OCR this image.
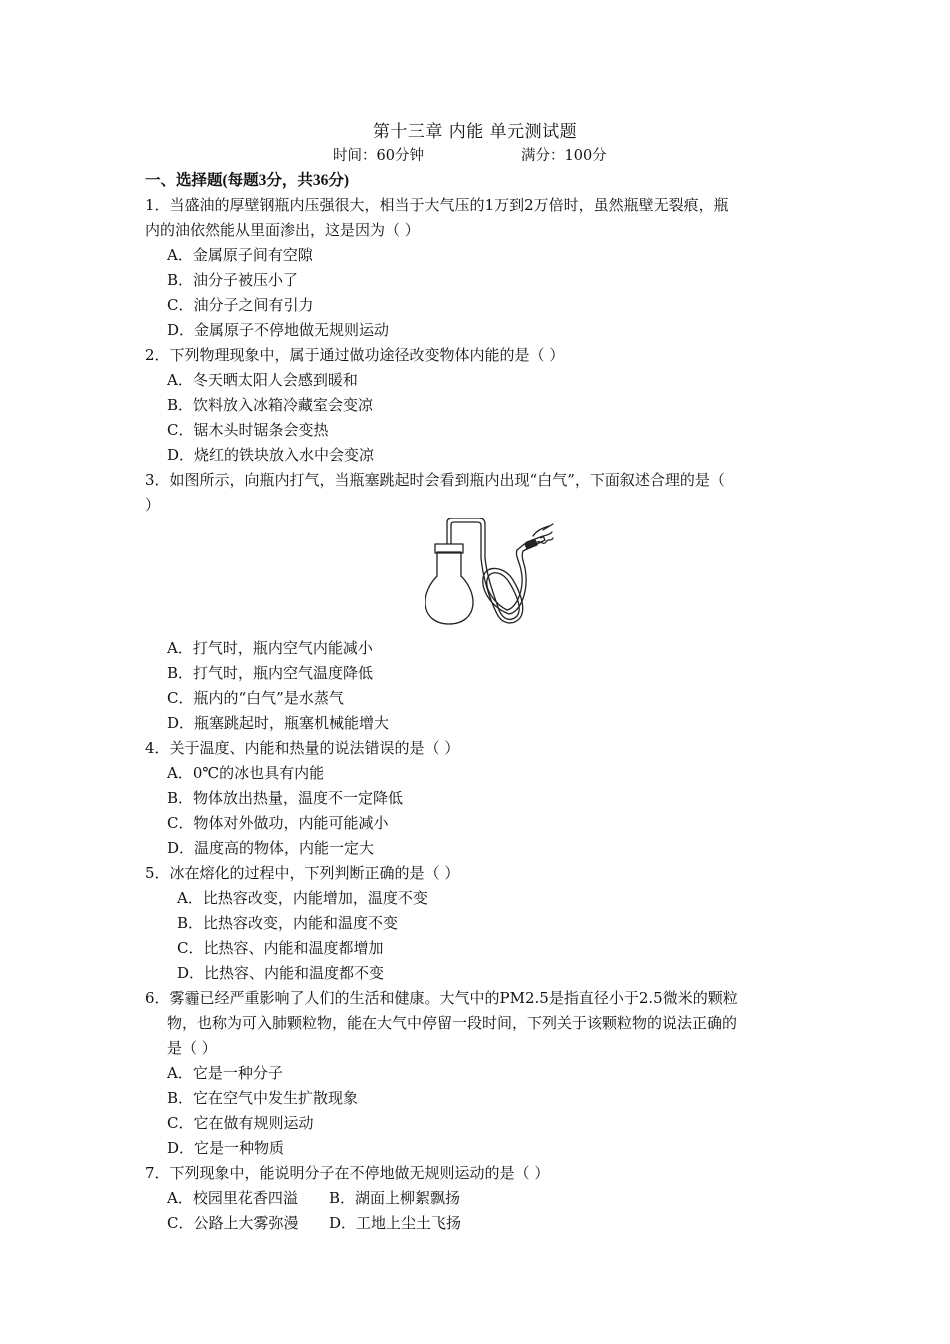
第十三章 内能 单元测试题
时间：60分钟	满分：100分
一、选择题(每题3分，共36分)
1．当盛油的厚壁钢瓶内压强很大，相当于大气压的1万到2万倍时，虽然瓶壁无裂痕，瓶
内的油依然能从里面渗出，这是因为（ ）
A．金属原子间有空隙
B．油分子被压小了
C．油分子之间有引力
D．金属原子不停地做无规则运动
2．下列物理现象中，属于通过做功途径改变物体内能的是（ ）
A．冬天晒太阳人会感到暖和
B．饮料放入冰箱冷藏室会变凉
C．锯木头时锯条会变热
D．烧红的铁块放入水中会变凉
3．如图所示，向瓶内打气，当瓶塞跳起时会看到瓶内出现“白气”，下面叙述合理的是（
）
A．打气时，瓶内空气内能减小
B．打气时，瓶内空气温度降低
C．瓶内的“白气”是水蒸气
D．瓶塞跳起时，瓶塞机械能增大
4．关于温度、内能和热量的说法错误的是（ ）
A．0℃的冰也具有内能
B．物体放出热量，温度不一定降低
C．物体对外做功，内能可能减小
D．温度高的物体，内能一定大
5．冰在熔化的过程中，下列判断正确的是（ ）
A．比热容改变，内能增加，温度不变
B．比热容改变，内能和温度不变
C．比热容、内能和温度都增加
D．比热容、内能和温度都不变
6．雾霾已经严重影响了人们的生活和健康。大气中的PM2.5是指直径小于2.5微米的颗粒
物，也称为可入肺颗粒物，能在大气中停留一段时间，下列关于该颗粒物的说法正确的
是（ ）
A．它是一种分子
B．它在空气中发生扩散现象
C．它在做有规则运动
D．它是一种物质
7．下列现象中，能说明分子在不停地做无规则运动的是（ ）
A．校园里花香四溢 B．湖面上柳絮飘扬
C．公路上大雾弥漫 D．工地上尘土飞扬
